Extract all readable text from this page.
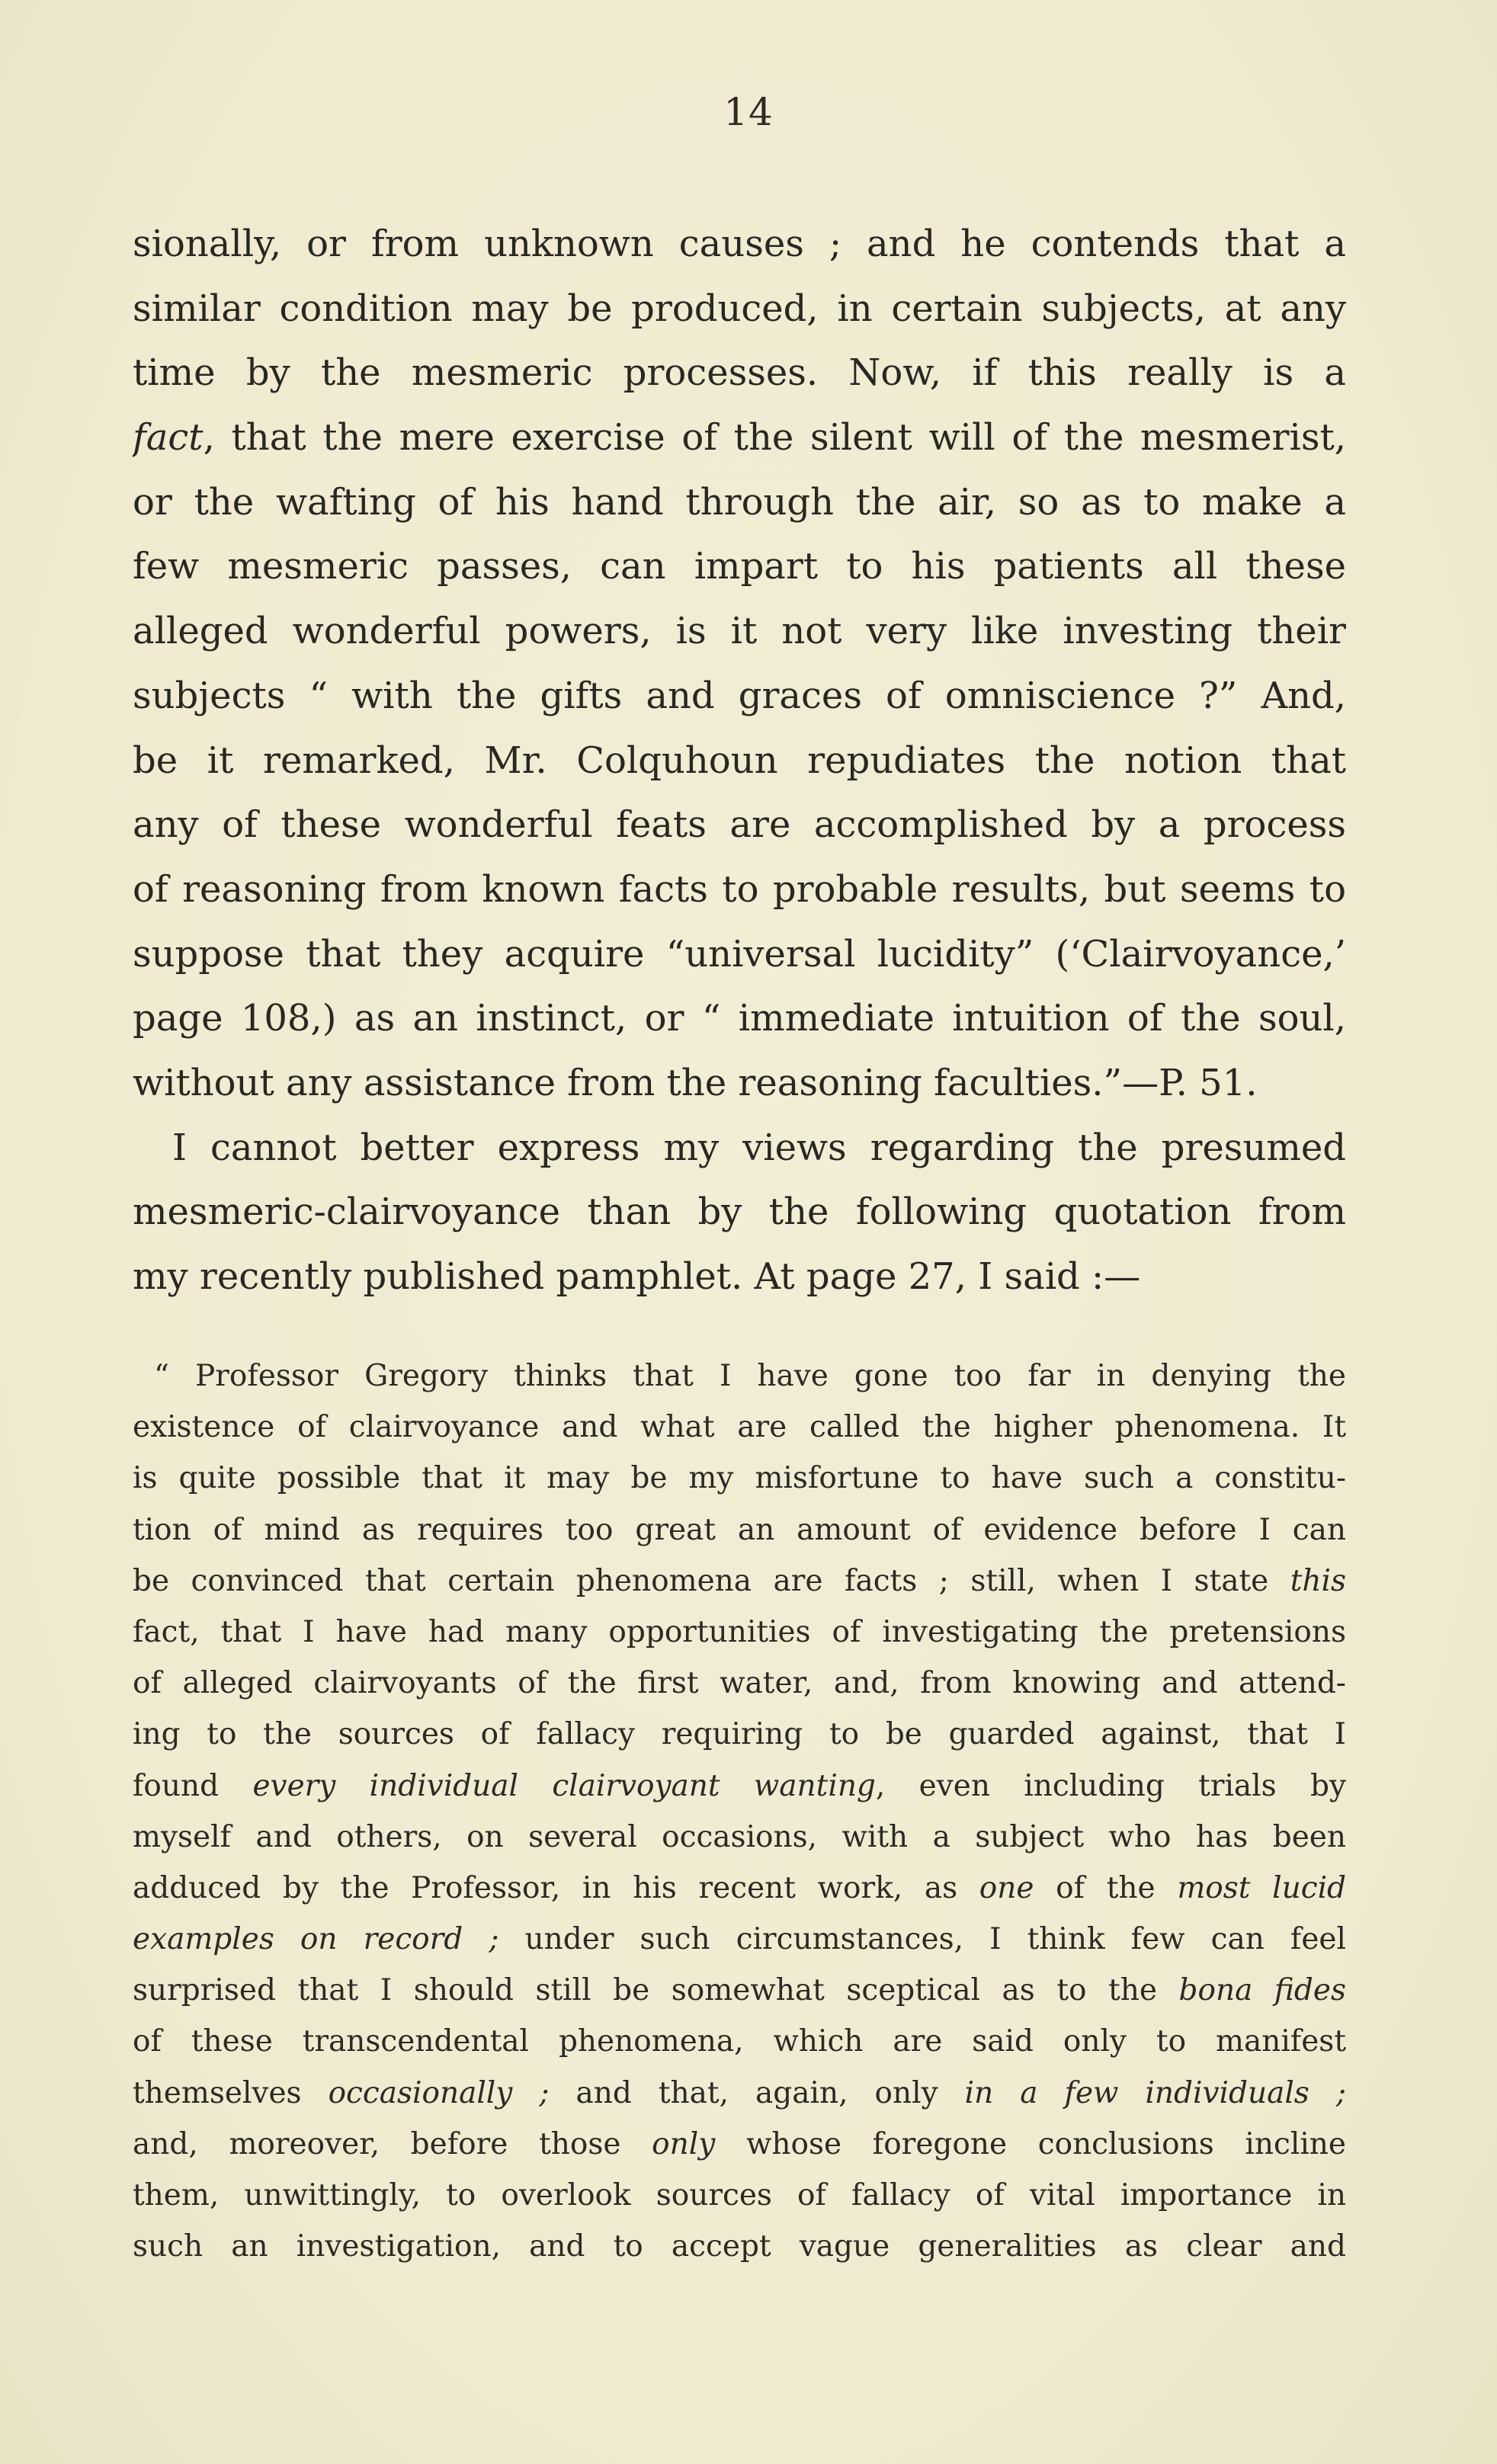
14
sionally, or from unknown causes ; and he contends that a
similar condition may be produced, in certain subjects, at any
time by the mesmeric processes. Now, if this really is a
fact, that the mere exercise of the silent will of the mesmerist,
or the wafting of his hand through the air, so as to make a
few mesmeric passes, can impart to his patients all these
alleged wonderful powers, is it not very like investing their
subjects “ with the gifts and graces of omniscience ?” And,
be it remarked, Mr. Colquhoun repudiates the notion that
any of these wonderful feats are accomplished by a process
of reasoning from known facts to probable results, but seems to
suppose that they acquire “universal lucidity” (‘Clairvoyance,’
page 108,) as an instinct, or “ immediate intuition of the soul,
without any assistance from the reasoning faculties.”—P. 51.
I cannot better express my views regarding the presumed
mesmeric-clairvoyance than by the following quotation from
my recently published pamphlet. At page 27, I said :—
“ Professor Gregory thinks that I have gone too far in denying the
existence of clairvoyance and what are called the higher phenomena. It
is quite possible that it may be my misfortune to have such a constitu-
tion of mind as requires too great an amount of evidence before I can
be convinced that certain phenomena are facts ; still, when I state this
fact, that I have had many opportunities of investigating the pretensions
of alleged clairvoyants of the first water, and, from knowing and attend-
ing to the sources of fallacy requiring to be guarded against, that I
found every individual clairvoyant wanting, even including trials by
myself and others, on several occasions, with a subject who has been
adduced by the Professor, in his recent work, as one of the most lucid
examples on record ; under such circumstances, I think few can feel
surprised that I should still be somewhat sceptical as to the bona fides
of these transcendental phenomena, which are said only to manifest
themselves occasionally ; and that, again, only in a few individuals ;
and, moreover, before those only whose foregone conclusions incline
them, unwittingly, to overlook sources of fallacy of vital importance in
such an investigation, and to accept vague generalities as clear and
